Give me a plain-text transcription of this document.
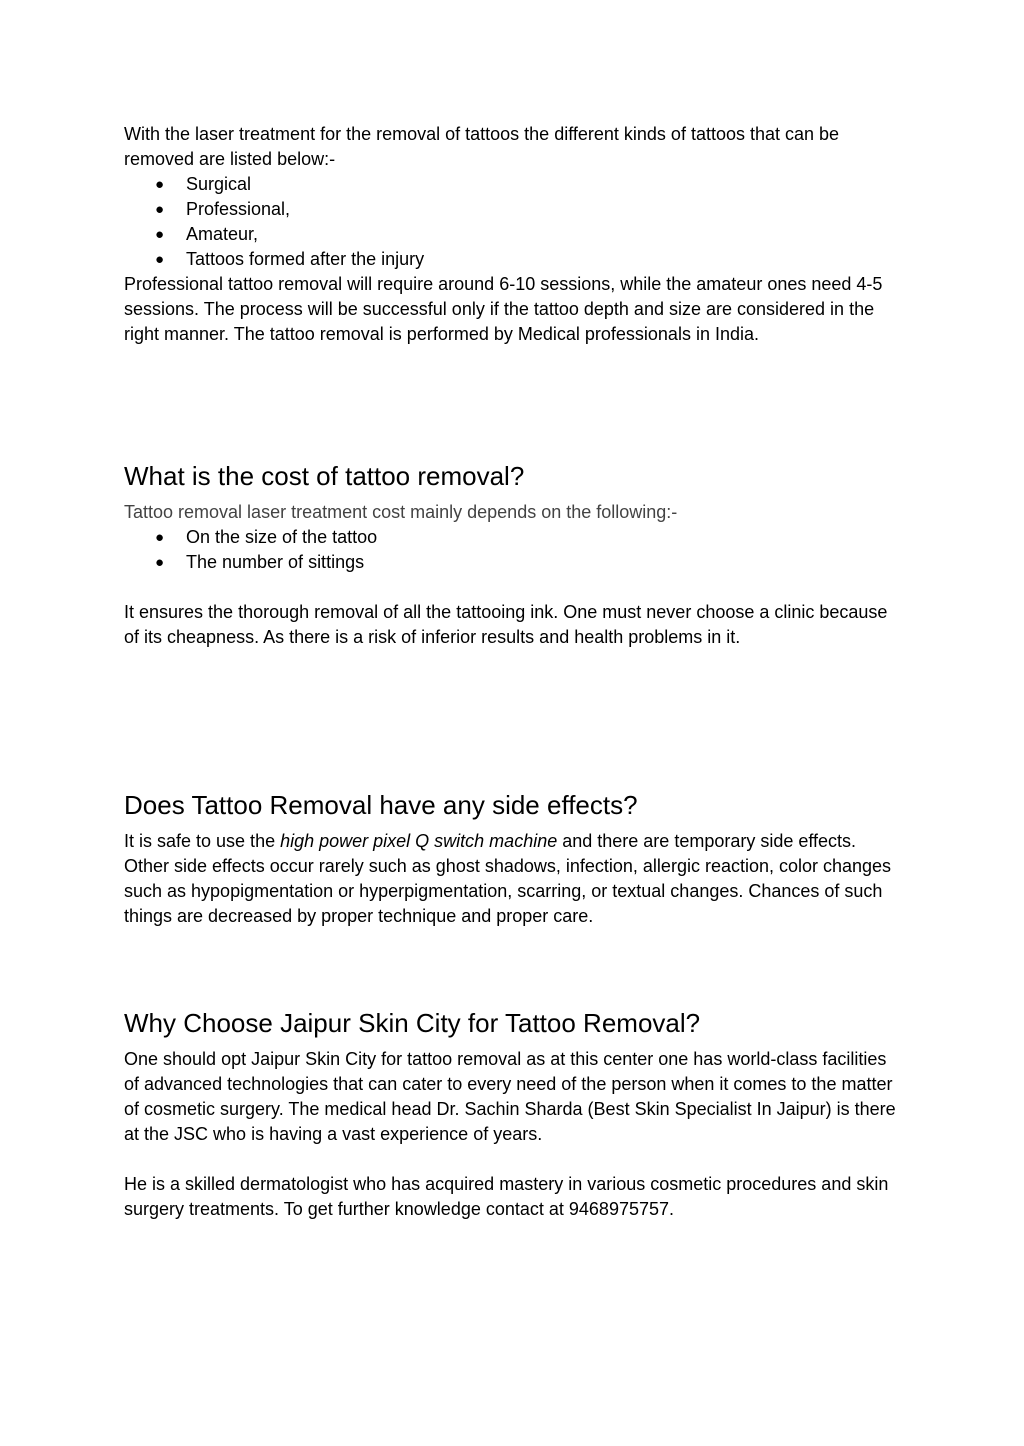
With the laser treatment for the removal of tattoos the different kinds of tattoos that can be removed are listed below:-

● Surgical
● Professional,
● Amateur,
● Tattoos formed after the injury

Professional tattoo removal will require around 6-10 sessions, while the amateur ones need 4-5 sessions. The process will be successful only if the tattoo depth and size are considered in the right manner. The tattoo removal is performed by Medical professionals in India.

What is the cost of tattoo removal?

Tattoo removal laser treatment cost mainly depends on the following:-

● On the size of the tattoo
● The number of sittings

It ensures the thorough removal of all the tattooing ink. One must never choose a clinic because of its cheapness. As there is a risk of inferior results and health problems in it.

Does Tattoo Removal have any side effects?

It is safe to use the high power pixel Q switch machine and there are temporary side effects. Other side effects occur rarely such as ghost shadows, infection, allergic reaction, color changes such as hypopigmentation or hyperpigmentation, scarring, or textual changes. Chances of such things are decreased by proper technique and proper care.

Why Choose Jaipur Skin City for Tattoo Removal?

One should opt Jaipur Skin City for tattoo removal as at this center one has world-class facilities of advanced technologies that can cater to every need of the person when it comes to the matter of cosmetic surgery. The medical head Dr. Sachin Sharda (Best Skin Specialist In Jaipur) is there at the JSC who is having a vast experience of years.

He is a skilled dermatologist who has acquired mastery in various cosmetic procedures and skin surgery treatments. To get further knowledge contact at 9468975757.
